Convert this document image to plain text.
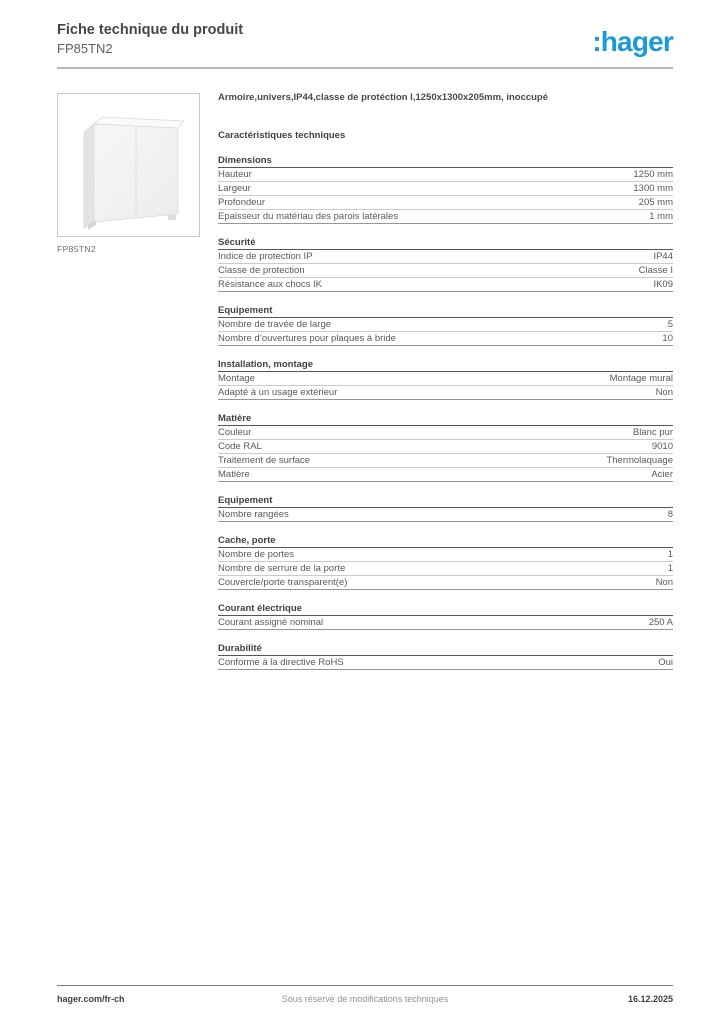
Fiche technique du produit
FP85TN2	:hager
FP85TN2
Armoire,univers,IP44,classe de protéction I,1250x1300x205mm, inoccupé
Caractéristiques techniques
Dimensions
Hauteur	1250 mm
Largeur	1300 mm
Profondeur	205 mm
Epaisseur du matériau des parois latérales	1 mm
Sécurité
Indice de protection IP	IP44
Classe de protection	Classe I
Résistance aux chocs IK	IK09
Equipement
Nombre de travée de large	5
Nombre d’ouvertures pour plaques à bride	10
Installation, montage
Montage	Montage mural
Adapté à un usage extérieur	Non
Matière
Couleur	Blanc pur
Code RAL	9010
Traitement de surface	Thermolaquage
Matière	Acier
Equipement
Nombre rangées	8
Cache, porte
Nombre de portes	1
Nombre de serrure de la porte	1
Couvercle/porte transparent(e)	Non
Courant électrique
Courant assigné nominal	250 A
Durabilité
Conforme à la directive RoHS	Oui
hager.com/fr-ch	Sous réserve de modifications techniques	16.12.2025
